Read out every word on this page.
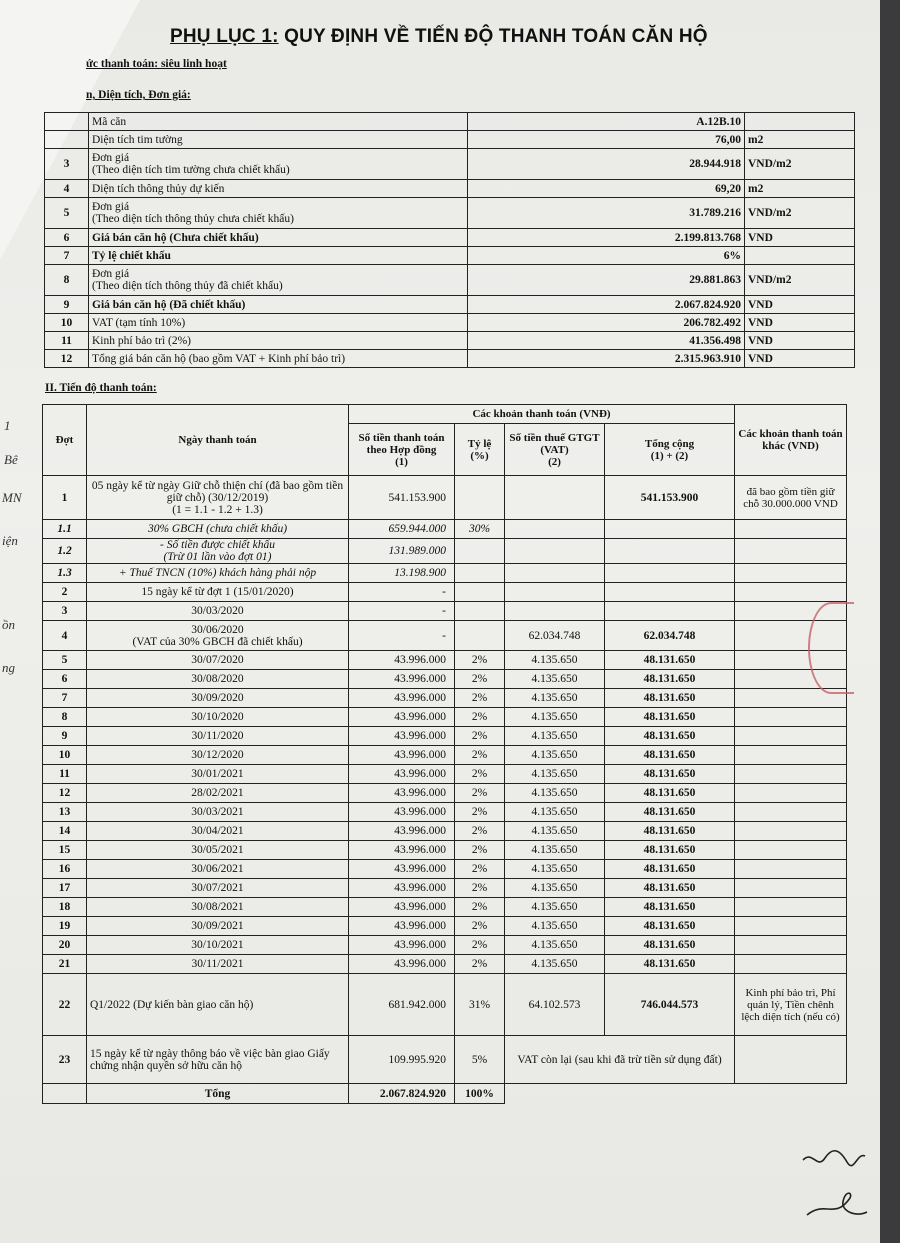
PHỤ LỤC 1: QUY ĐỊNH VỀ TIẾN ĐỘ THANH TOÁN CĂN HỘ
ức thanh toán: siêu linh hoạt
n, Diện tích, Đơn giá:
	Mã căn	A.12B.10	
	Diện tích tim tường	76,00	m2
3	Đơn giá
(Theo diện tích tim tường chưa chiết khấu)	28.944.918	VND/m2
4	Diện tích thông thủy dự kiến	69,20	m2
5	Đơn giá
(Theo diện tích thông thủy chưa chiết khấu)	31.789.216	VND/m2
6	Giá bán căn hộ (Chưa chiết khấu)	2.199.813.768	VND
7	Tỷ lệ chiết khấu	6%	
8	Đơn giá
(Theo diện tích thông thủy đã chiết khấu)	29.881.863	VND/m2
9	Giá bán căn hộ (Đã chiết khấu)	2.067.824.920	VND
10	VAT (tạm tính 10%)	206.782.492	VND
11	Kinh phí bảo trì (2%)	41.356.498	VND
12	Tổng giá bán căn hộ (bao gồm VAT + Kinh phí bảo trì)	2.315.963.910	VND
II. Tiến độ thanh toán:
Đợt	Ngày thanh toán	Các khoản thanh toán (VNĐ)				Các khoản thanh toán khác (VND)
		Số tiền thanh toán theo Hợp đồng
(1)	Tỷ lệ (%)	Số tiền thuế GTGT (VAT)
(2)	Tổng cộng
(1) + (2)	
1	05 ngày kể từ ngày Giữ chỗ thiện chí (đã bao gồm tiền giữ chỗ) (30/12/2019)
(1 = 1.1 - 1.2 + 1.3)	541.153.900			541.153.900	đã bao gồm tiền giữ chỗ 30.000.000 VND
1.1	30% GBCH (chưa chiết khấu)	659.944.000	30%			
1.2	- Số tiền được chiết khấu
(Trừ 01 lần vào đợt 01)	131.989.000				
1.3	+ Thuế TNCN (10%) khách hàng phải nộp	13.198.900				
2	15 ngày kể từ đợt 1 (15/01/2020)	-				
3	30/03/2020	-				
4	30/06/2020
(VAT của 30% GBCH đã chiết khấu)	-		62.034.748	62.034.748	
5	30/07/2020	43.996.000	2%	4.135.650	48.131.650	
6	30/08/2020	43.996.000	2%	4.135.650	48.131.650	
7	30/09/2020	43.996.000	2%	4.135.650	48.131.650	
8	30/10/2020	43.996.000	2%	4.135.650	48.131.650	
9	30/11/2020	43.996.000	2%	4.135.650	48.131.650	
10	30/12/2020	43.996.000	2%	4.135.650	48.131.650	
11	30/01/2021	43.996.000	2%	4.135.650	48.131.650	
12	28/02/2021	43.996.000	2%	4.135.650	48.131.650	
13	30/03/2021	43.996.000	2%	4.135.650	48.131.650	
14	30/04/2021	43.996.000	2%	4.135.650	48.131.650	
15	30/05/2021	43.996.000	2%	4.135.650	48.131.650	
16	30/06/2021	43.996.000	2%	4.135.650	48.131.650	
17	30/07/2021	43.996.000	2%	4.135.650	48.131.650	
18	30/08/2021	43.996.000	2%	4.135.650	48.131.650	
19	30/09/2021	43.996.000	2%	4.135.650	48.131.650	
20	30/10/2021	43.996.000	2%	4.135.650	48.131.650	
21	30/11/2021	43.996.000	2%	4.135.650	48.131.650	
22	Q1/2022 (Dự kiến bàn giao căn hộ)	681.942.000	31%	64.102.573	746.044.573	Kinh phí bảo trì, Phí quản lý, Tiền chênh lệch diện tích (nếu có)
23	15 ngày kể từ ngày thông báo về việc bàn giao Giấy chứng nhận quyền sở hữu căn hộ	109.995.920	5%	VAT còn lại (sau khi đã trừ tiền sử dụng đất)		
	Tổng	2.067.824.920	100%			
1
Bê
MN
iện
ồn
ng
